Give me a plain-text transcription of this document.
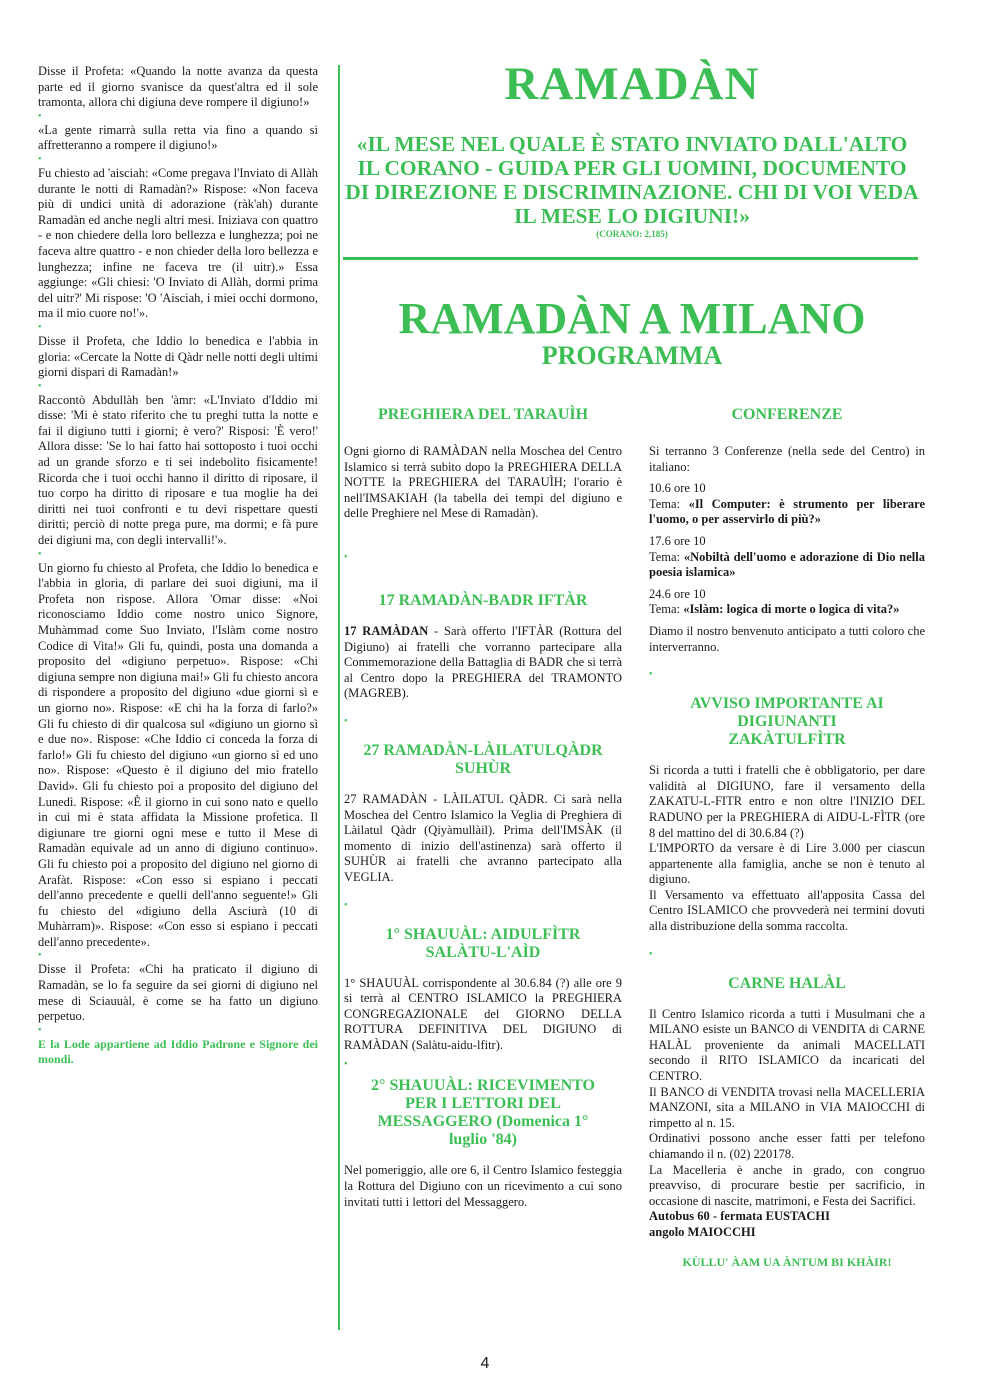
Disse il Profeta: «Quando la notte avanza da questa parte ed il giorno svanisce da quest'altra ed il sole tramonta, allora chi digiuna deve rompere il digiuno!»

•

«La gente rimarrà sulla retta via fino a quando si affretteranno a rompere il digiuno!»

•

Fu chiesto ad 'aisciah: «Come pregava l'Inviato di Allàh durante le notti di Ramadàn?» Rispose: «Non faceva più di undici unità di adorazione (ràk'ah) durante Ramadàn ed anche negli altri mesi. Iniziava con quattro - e non chiedere della loro bellezza e lunghezza; poi ne faceva altre quattro - e non chieder della loro bellezza e lunghezza; infine ne faceva tre (il uitr).» Essa aggiunge: «Gli chiesi: 'O Inviato di Allàh, dormi prima del uitr?' Mi rispose: 'O 'Aisciah, i miei occhi dormono, ma il mio cuore no!'».

•

Disse il Profeta, che Iddio lo benedica e l'abbia in gloria: «Cercate la Notte di Qàdr nelle notti degli ultimi giorni dispari di Ramadàn!»

•

Raccontò Abdullàh ben 'àmr: «L'Inviato d'Iddio mi disse: 'Mi è stato riferito che tu preghi tutta la notte e fai il digiuno tutti i giorni; è vero?' Risposi: 'È vero!' Allora disse: 'Se lo hai fatto hai sottoposto i tuoi occhi ad un grande sforzo e ti sei indebolito fisicamente! Ricorda che i tuoi occhi hanno il diritto di riposare, il tuo corpo ha diritto di riposare e tua moglie ha dei diritti nei tuoi confronti e tu devi rispettare questi diritti; perciò di notte prega pure, ma dormi; e fà pure dei digiuni ma, con degli intervalli!'».

•

Un giorno fu chiesto al Profeta, che Iddio lo benedica e l'abbia in gloria, di parlare dei suoi digiuni, ma il Profeta non rispose. Allora 'Omar disse: «Noi riconosciamo Iddio come nostro unico Signore, Muhàmmad come Suo Inviato, l'Islàm come nostro Codice di Vita!» Gli fu, quindi, posta una domanda a proposito del «digiuno perpetuo». Rispose: «Chi digiuna sempre non digiuna mai!» Gli fu chiesto ancora di rispondere a proposito del digiuno «due giorni sì e un giorno no». Rispose: «E chi ha la forza di farlo?» Gli fu chiesto di dir qualcosa sul «digiuno un giorno sì e due no». Rispose: «Che Iddio ci conceda la forza di farlo!» Gli fu chiesto del digiuno «un giorno sì ed uno no». Rispose: «Questo è il digiuno del mio fratello David». Gli fu chiesto poi a proposito del digiuno del Lunedì. Rispose: «È il giorno in cui sono nato e quello in cui mi è stata affidata la Missione profetica. Il digiunare tre giorni ogni mese e tutto il Mese di Ramadàn equivale ad un anno di digiuno continuo». Gli fu chiesto poi a proposito del digiuno nel giorno di Arafàt. Rispose: «Con esso si espiano i peccati dell'anno precedente e quelli dell'anno seguente!» Gli fu chiesto del «digiuno della Asciurà (10 di Muhàrram)». Rispose: «Con esso si espiano i peccati dell'anno precedente».

•

Disse il Profeta: «Chi ha praticato il digiuno di Ramadàn, se lo fa seguire da sei giorni di digiuno nel mese di Sciauuàl, è come se ha fatto un digiuno perpetuo.

•

E la Lode appartiene ad Iddio Padrone e Signore dei mondi.

RAMADÀN

«IL MESE NEL QUALE È STATO INVIATO DALL'ALTO IL CORANO - GUIDA PER GLI UOMINI, DOCUMENTO DI DIREZIONE E DISCRIMINAZIONE. CHI DI VOI VEDA IL MESE LO DIGIUNI!»

(CORANO: 2,185)

RAMADÀN A MILANO
PROGRAMMA
PREGHIERA DEL TARAUÌH

Ogni giorno di RAMÀDAN nella Moschea del Centro Islamico si terrà subito dopo la PREGHIERA DELLA NOTTE la PREGHIERA del TARAUÌH; l'orario è nell'IMSAKIAH (la tabella dei tempi del digiuno e delle Preghiere nel Mese di Ramadàn).

•

17 RAMADÀN-BADR IFTÀR

17 RAMÀDAN - Sarà offerto l'IFTÀR (Rottura del Digiuno) ai fratelli che vorranno partecipare alla Commemorazione della Battaglia di BADR che si terrà al Centro dopo la PREGHIERA del TRAMONTO (MAGREB).

•

27 RAMADÀN-LÀILATULQÀDR SUHÙR

27 RAMADÀN - LÀILATUL QÀDR. Ci sarà nella Moschea del Centro Islamico la Veglia di Preghiera di Làilatul Qàdr (Qiyàmullàil). Prima dell'IMSÀK (il momento di inizio dell'astinenza) sarà offerto il SUHÙR ai fratelli che avranno partecipato alla VEGLIA.

•

1° SHAUUÀL: AIDULFÌTR SALÀTU-L'AÌD

1° SHAUUÀL corrispondente al 30.6.84 (?) alle ore 9 si terrà al CENTRO ISLAMICO la PREGHIERA CONGREGAZIONALE del GIORNO DELLA ROTTURA DEFINITIVA DEL DIGIUNO di RAMÀDAN (Salàtu-aidu-lfitr).

•

2° SHAUUÀL: RICEVIMENTO PER I LETTORI DEL MESSAGGERO (Domenica 1° luglio '84)

Nel pomeriggio, alle ore 6, il Centro Islamico festeggia la Rottura del Digiuno con un ricevimento a cui sono invitati tutti i lettori del Messaggero.

CONFERENZE

Si terranno 3 Conferenze (nella sede del Centro) in italiano:

10.6 ore 10

Tema: «Il Computer: è strumento per liberare l'uomo, o per asservirlo di più?»

17.6 ore 10

Tema: «Nobiltà dell'uomo e adorazione di Dio nella poesia islamica»

24.6 ore 10

Tema: «Islàm: logica di morte o logica di vita?»

Diamo il nostro benvenuto anticipato a tutti coloro che interverranno.

•

AVVISO IMPORTANTE AI DIGIUNANTI ZAKÀTULFÌTR

Si ricorda a tutti i fratelli che è obbligatorio, per dare validità al DIGIUNO, fare il versamento della ZAKATU-L-FITR entro e non oltre l'INIZIO DEL RADUNO per la PREGHIERA di AIDU-L-FÌTR (ore 8 del mattino del di 30.6.84 (?)

L'IMPORTO da versare è di Lire 3.000 per ciascun appartenente alla famiglia, anche se non è tenuto al digiuno.

Il Versamento va effettuato all'apposita Cassa del Centro ISLAMICO che provvederà nei termini dovuti alla distribuzione della somma raccolta.

•

CARNE HALÀL

Il Centro Islamico ricorda a tutti i Musulmani che a MILANO esiste un BANCO di VENDITA di CARNE HALÀL proveniente da animali MACELLATI secondo il RITO ISLAMICO da incaricati del CENTRO.

Il BANCO di VENDITA trovasi nella MACELLERIA MANZONI, sita a MILANO in VIA MAIOCCHI di rimpetto al n. 15.

Ordinativi possono anche esser fatti per telefono chiamando il n. (02) 220178.

La Macelleria è anche in grado, con congruo preavviso, di procurare bestie per sacrificio, in occasione di nascite, matrimoni, e Festa dei Sacrifici.

Autobus 60 - fermata EUSTACHI angolo MAIOCCHI

KÙLLU' ÀAM UA ÀNTUM BI KHÀIR!

4
